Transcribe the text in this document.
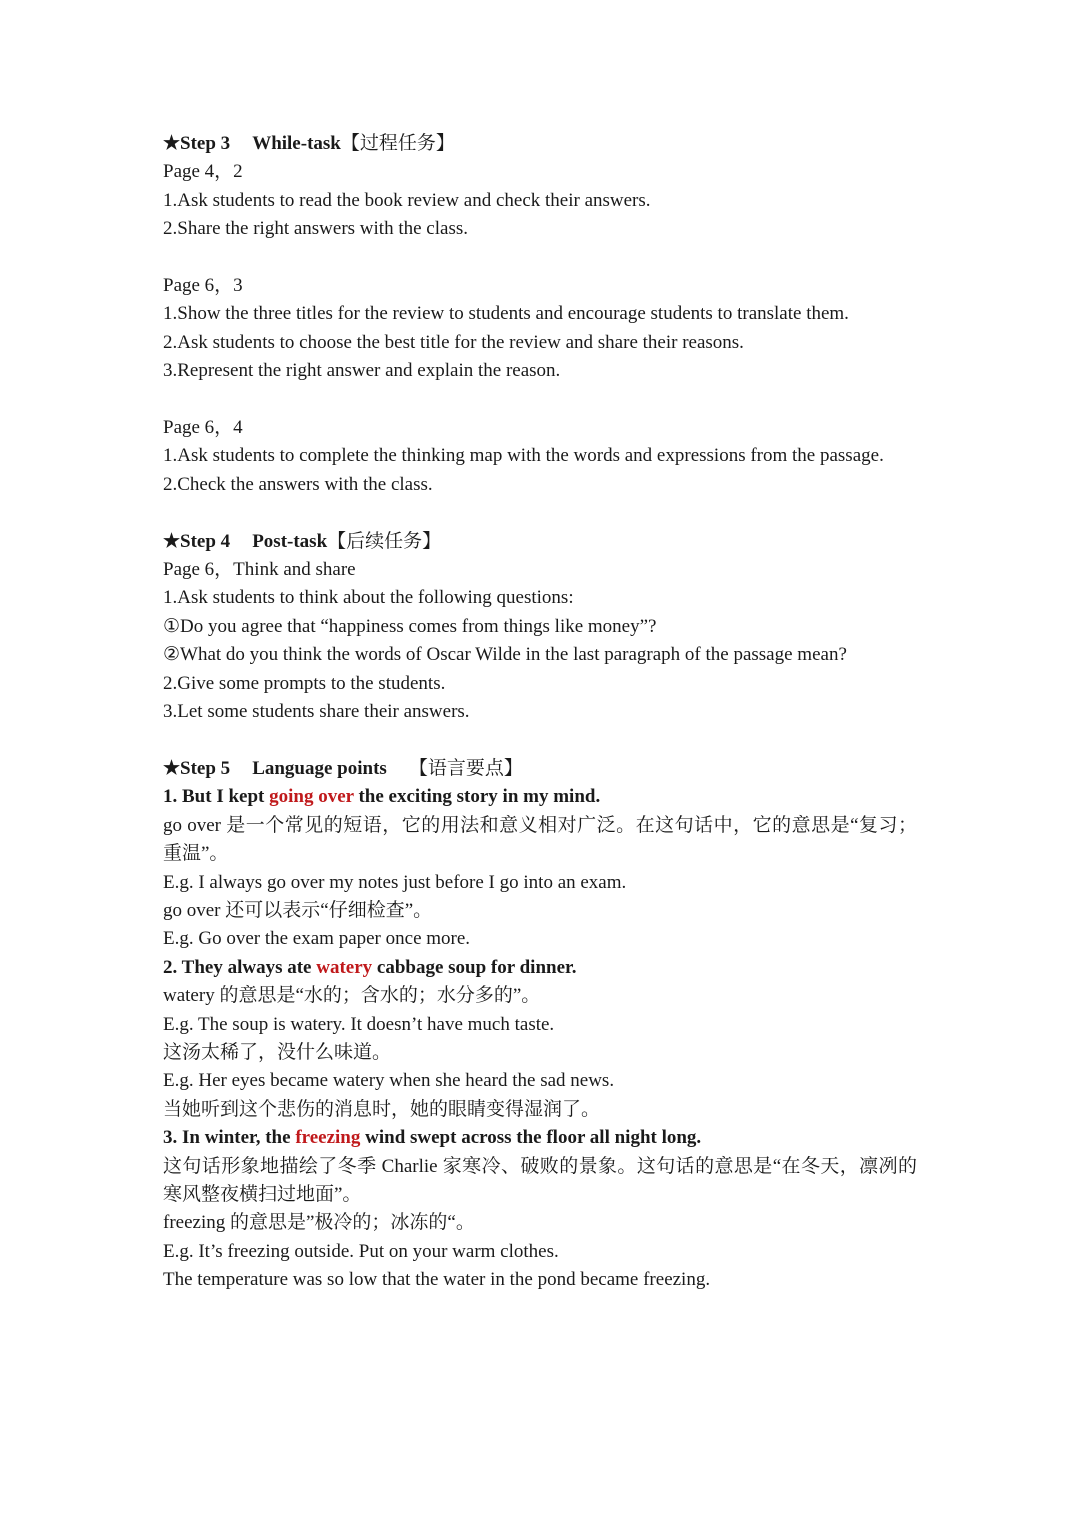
★Step 3 While-task【过程任务】

Page 4，2

1.Ask students to read the book review and check their answers.

2.Share the right answers with the class.

Page 6，3

1.Show the three titles for the review to students and encourage students to translate them.

2.Ask students to choose the best title for the review and share their reasons.

3.Represent the right answer and explain the reason.

Page 6，4

1.Ask students to complete the thinking map with the words and expressions from the passage.

2.Check the answers with the class.

★Step 4 Post-task【后续任务】

Page 6，Think and share

1.Ask students to think about the following questions:

①Do you agree that “happiness comes from things like money”?

②What do you think the words of Oscar Wilde in the last paragraph of the passage mean?

2.Give some prompts to the students.

3.Let some students share their answers.

★Step 5 Language points 【语言要点】

1. But I kept going over the exciting story in my mind.

go over 是一个常见的短语，它的用法和意义相对广泛。在这句话中，它的意思是“复习；重温”。

E.g. I always go over my notes just before I go into an exam.

go over 还可以表示“仔细检查”。

E.g. Go over the exam paper once more.

2. They always ate watery cabbage soup for dinner.

watery 的意思是“水的；含水的；水分多的”。

E.g. The soup is watery. It doesn’t have much taste.

这汤太稀了，没什么味道。

E.g. Her eyes became watery when she heard the sad news.

当她听到这个悲伤的消息时，她的眼睛变得湿润了。

3. In winter, the freezing wind swept across the floor all night long.

这句话形象地描绘了冬季 Charlie 家寒冷、破败的景象。这句话的意思是“在冬天，凛冽的寒风整夜横扫过地面”。

freezing 的意思是”极冷的；冰冻的“。

E.g. It’s freezing outside. Put on your warm clothes.

The temperature was so low that the water in the pond became freezing.
